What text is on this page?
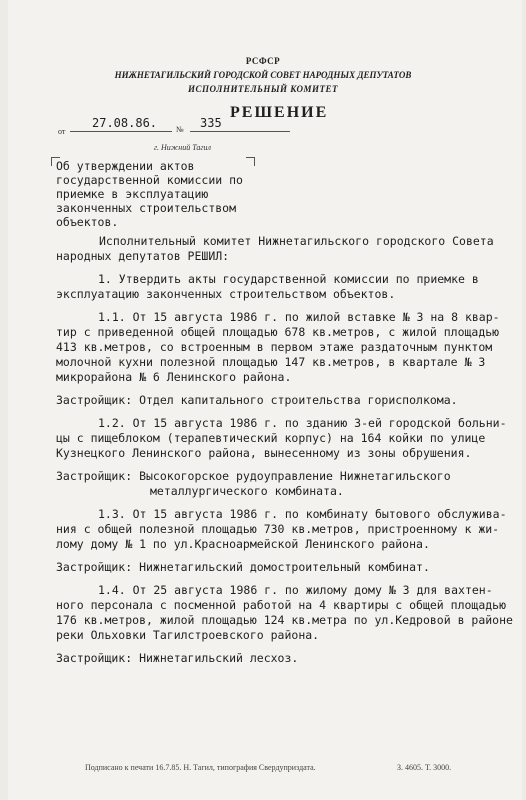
РСФСР
НИЖНЕТАГИЛЬСКИЙ ГОРОДСКОЙ СОВЕТ НАРОДНЫХ ДЕПУТАТОВ
ИСПОЛНИТЕЛЬНЫЙ КОМИТЕТ
РЕШЕНИЕ
от
27.08.86. № 335
г. Нижний Тагил

Об утверждении актов государственной комиссии по приемке в эксплуатацию законченных строительством объектов.

Исполнительный комитет Нижнетагильского городского Совета
народных депутатов РЕШИЛ:
1. Утвердить акты государственной комиссии по приемке в
эксплуатацию законченных строительством объектов.
1.1. От 15 августа 1986 г. по жилой вставке № 3 на 8 квар-
тир с приведенной общей площадью 678 кв.метров, с жилой площадью
413 кв.метров, со встроенным в первом этаже раздаточным пунктом
молочной кухни полезной площадью 147 кв.метров, в квартале № 3
микрорайона № 6 Ленинского района.
Застройщик: Отдел капитального строительства горисполкома.
1.2. От 15 августа 1986 г. по зданию 3-ей городской больни-
цы с пищеблоком (терапевтический корпус) на 164 койки по улице
Кузнецкого Ленинского района, вынесенному из зоны обрушения.
Застройщик: Высокогорское рудоуправление Нижнетагильского
металлургического комбината.
1.3. От 15 августа 1986 г. по комбинату бытового обслужива-
ния с общей полезной площадью 730 кв.метров, пристроенному к жи-
лому дому № 1 по ул.Красноармейской Ленинского района.
Застройщик: Нижнетагильский домостроительный комбинат.
1.4. От 25 августа 1986 г. по жилому дому № 3 для вахтен-
ного персонала с посменной работой на 4 квартиры с общей площадью
176 кв.метров, жилой площадью 124 кв.метра по ул.Кедровой в районе
реки Ольховки Тагилстроевского района.
Застройщик: Нижнетагильский лесхоз.
Подписано к печати 16.7.85. Н. Тагил, типография Свердуприздата.	З. 4605. Т. 3000.
